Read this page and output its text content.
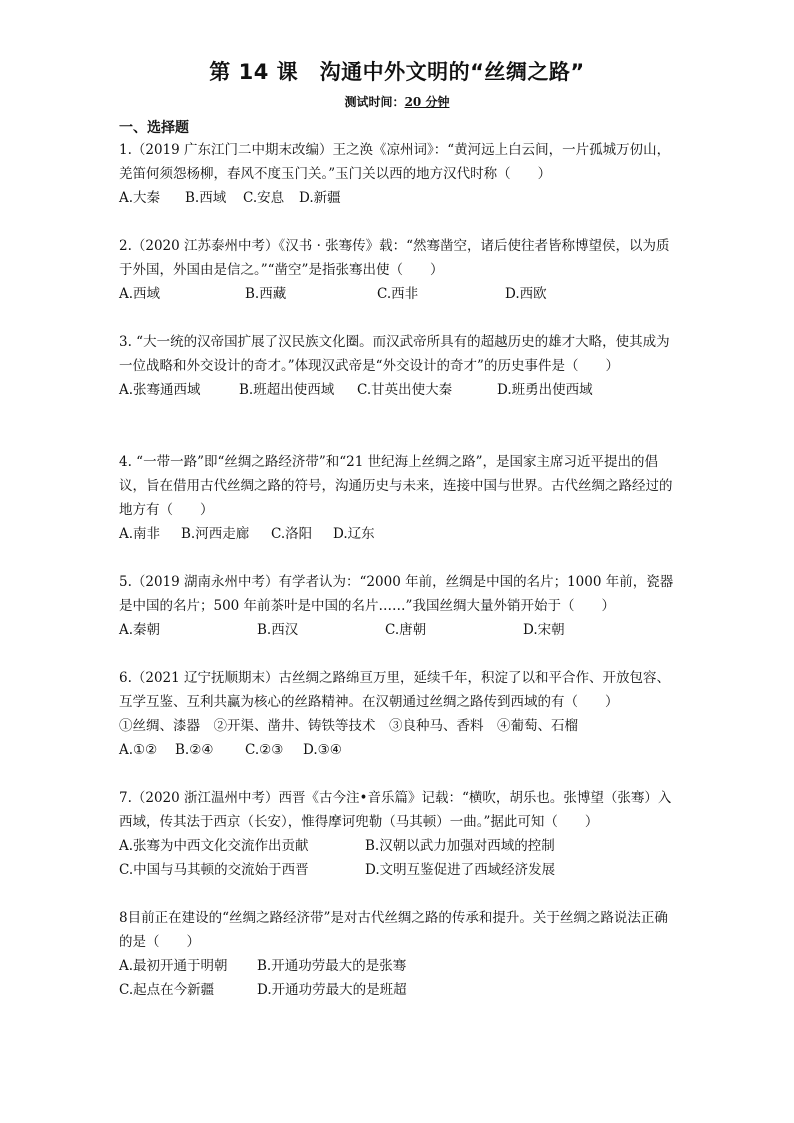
第 14 课　沟通中外文明的“丝绸之路”
测试时间：20 分钟
一、选择题

1.（2019 广东江门二中期末改编）王之涣《凉州词》：“黄河远上白云间，一片孤城万仞山，羌笛何须怨杨柳，春风不度玉门关。”玉门关以西的地方汉代时称（　　）

A.大秦 B.西域 C.安息 D.新疆

2.（2020 江苏泰州中考）《汉书 · 张骞传》载：“然骞凿空，诸后使往者皆称博望侯，以为质于外国，外国由是信之。”“凿空”是指张骞出使（　　）

A.西域	B.西藏	C.西非	D.西欧

3. “大一统的汉帝国扩展了汉民族文化圈。而汉武帝所具有的超越历史的雄才大略，使其成为一位战略和外交设计的奇才。”体现汉武帝是“外交设计的奇才”的历史事件是（　　）

A.张骞通西域	B.班超出使西域 C.甘英出使大秦	D.班勇出使西域

4. “一带一路”即“丝绸之路经济带”和“21 世纪海上丝绸之路”，是国家主席习近平提出的倡议，旨在借用古代丝绸之路的符号，沟通历史与未来，连接中国与世界。古代丝绸之路经过的地方有（　　）

A.南非 B.河西走廊 C.洛阳 D.辽东

5.（2019 湖南永州中考）有学者认为：“2000 年前，丝绸是中国的名片；1000 年前，瓷器是中国的名片；500 年前茶叶是中国的名片……”我国丝绸大量外销开始于（　　）

A.秦朝	B.西汉	C.唐朝	D.宋朝

6.（2021 辽宁抚顺期末）古丝绸之路绵亘万里，延续千年，积淀了以和平合作、开放包容、互学互鉴、互利共赢为核心的丝路精神。在汉朝通过丝绸之路传到西域的有（　　）

①丝绸、漆器　②开渠、凿井、铸铁等技术　③良种马、香料　④葡萄、石榴

A.①② B.②④ C.②③ D.③④

7.（2020 浙江温州中考）西晋《古今注•音乐篇》记载：“横吹，胡乐也。张博望（张骞）入西域，传其法于西京（长安），惟得摩诃兜勒（马其顿）一曲。”据此可知（　　）

A.张骞为中西文化交流作出贡献	B.汉朝以武力加强对西域的控制
C.中国与马其顿的交流始于西晋	D.文明互鉴促进了西域经济发展

8目前正在建设的“丝绸之路经济带”是对古代丝绸之路的传承和提升。关于丝绸之路说法正确的是（　　）

A.最初开通于明朝 B.开通功劳最大的是张骞
C.起点在今新疆	D.开通功劳最大的是班超
